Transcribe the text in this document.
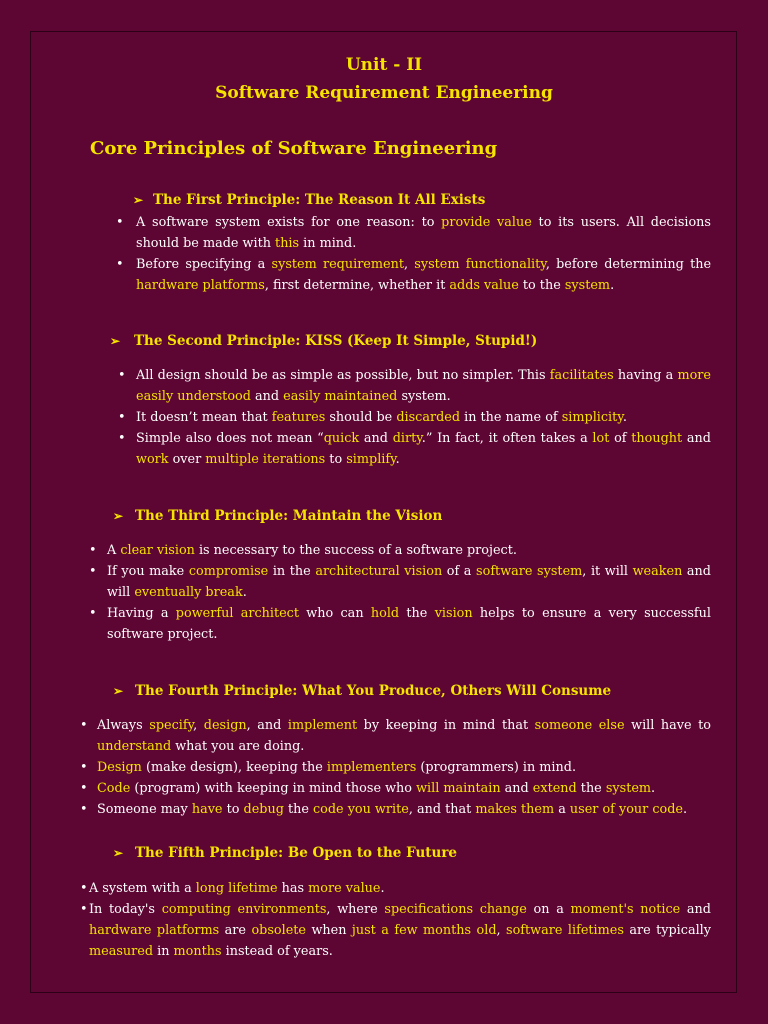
Unit - II
Software Requirement Engineering
Core Principles of Software Engineering
➢ The First Principle: The Reason It All Exists
• A software system exists for one reason: to provide value to its users. All decisions should be made with this in mind.
• Before specifying a system requirement, system functionality, before determining the hardware platforms, first determine, whether it adds value to the system.
➢ The Second Principle: KISS (Keep It Simple, Stupid!)
• All design should be as simple as possible, but no simpler. This facilitates having a more easily understood and easily maintained system.
• It doesn’t mean that features should be discarded in the name of simplicity.
• Simple also does not mean “quick and dirty.” In fact, it often takes a lot of thought and work over multiple iterations to simplify.
➢ The Third Principle: Maintain the Vision
• A clear vision is necessary to the success of a software project.
• If you make compromise in the architectural vision of a software system, it will weaken and will eventually break.
• Having a powerful architect who can hold the vision helps to ensure a very successful software project.
➢ The Fourth Principle: What You Produce, Others Will Consume
• Always specify, design, and implement by keeping in mind that someone else will have to understand what you are doing.
• Design (make design), keeping the implementers (programmers) in mind.
• Code (program) with keeping in mind those who will maintain and extend the system.
• Someone may have to debug the code you write, and that makes them a user of your code.
➢ The Fifth Principle: Be Open to the Future
• A system with a long lifetime has more value.
• In today's computing environments, where specifications change on a moment's notice and hardware platforms are obsolete when just a few months old, software lifetimes are typically measured in months instead of years.
